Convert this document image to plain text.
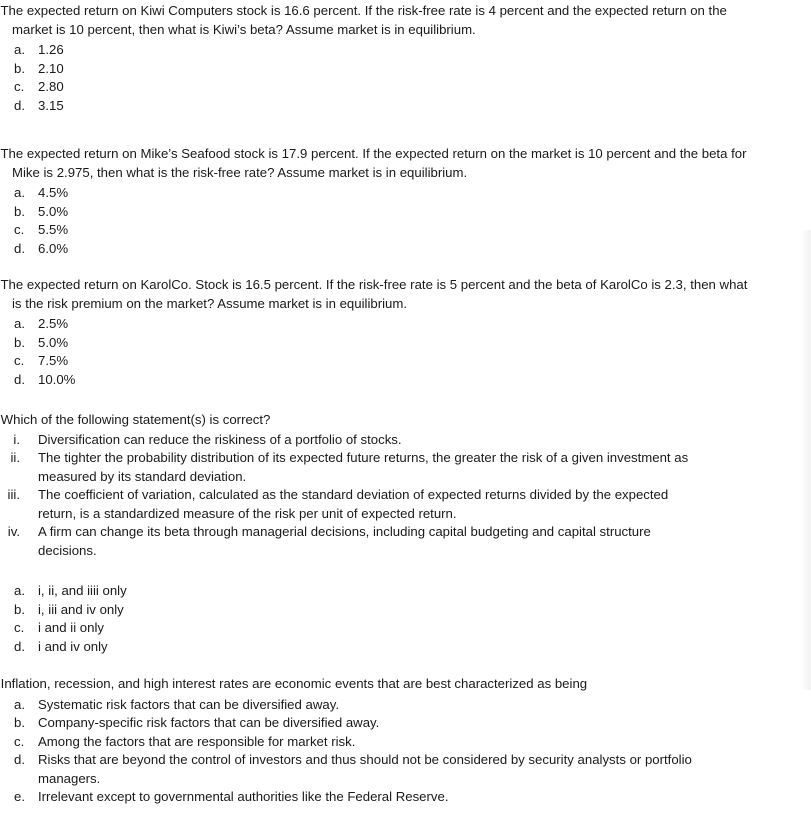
The expected return on Kiwi Computers stock is 16.6 percent. If the risk-free rate is 4 percent and the expected return on the market is 10 percent, then what is Kiwi’s beta? Assume market is in equilibrium.

a. 1.26
b. 2.10
c. 2.80
d. 3.15

The expected return on Mike’s Seafood stock is 17.9 percent. If the expected return on the market is 10 percent and the beta for Mike is 2.975, then what is the risk-free rate? Assume market is in equilibrium.

a. 4.5%
b. 5.0%
c. 5.5%
d. 6.0%

The expected return on KarolCo. Stock is 16.5 percent. If the risk-free rate is 5 percent and the beta of KarolCo is 2.3, then what is the risk premium on the market? Assume market is in equilibrium.

a. 2.5%
b. 5.0%
c. 7.5%
d. 10.0%

Which of the following statement(s) is correct?

i. Diversification can reduce the riskiness of a portfolio of stocks.
ii. The tighter the probability distribution of its expected future returns, the greater the risk of a given investment as measured by its standard deviation.
iii. The coefficient of variation, calculated as the standard deviation of expected returns divided by the expected return, is a standardized measure of the risk per unit of expected return.
iv. A firm can change its beta through managerial decisions, including capital budgeting and capital structure decisions.
a. i, ii, and iiii only
b. i, iii and iv only
c. i and ii only
d. i and iv only

Inflation, recession, and high interest rates are economic events that are best characterized as being

a. Systematic risk factors that can be diversified away.
b. Company-specific risk factors that can be diversified away.
c. Among the factors that are responsible for market risk.
d. Risks that are beyond the control of investors and thus should not be considered by security analysts or portfolio managers.
e. Irrelevant except to governmental authorities like the Federal Reserve.
